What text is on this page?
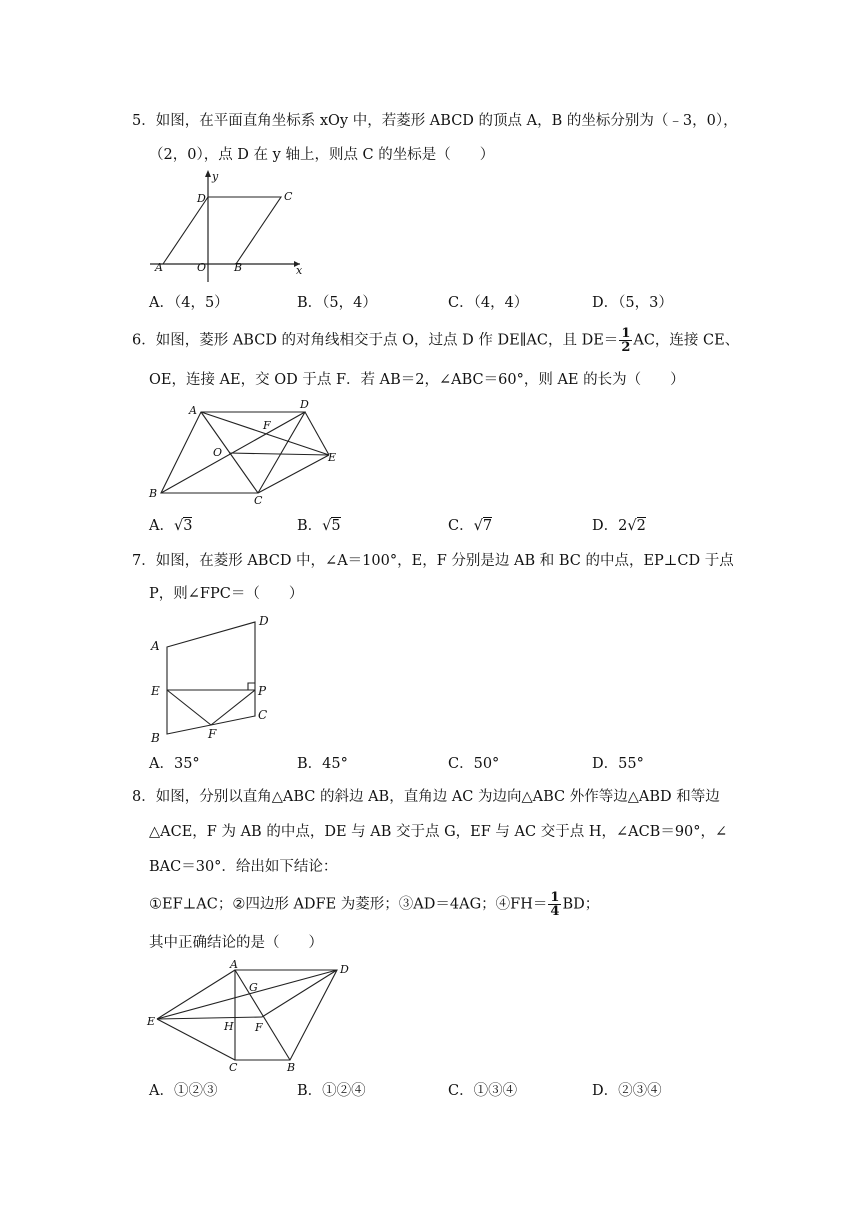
5．如图，在平面直角坐标系 xOy 中，若菱形 ABCD 的顶点 A，B 的坐标分别为（﹣3，0），
（2，0），点 D 在 y 轴上，则点 C 的坐标是（　　）
y
x
D	C
A	O	B
A．（4，5）	B．（5，4）	C．（4，4）	D．（5，3）
6．如图，菱形 ABCD 的对角线相交于点 O，过点 D 作 DE∥AC，且 $DE= \frac{1}{2}$ AC，连接 CE、
OE，连接 AE，交 OD 于点 F．若 AB＝2，∠ABC＝60°，则 AE 的长为（　　）
A	D
F
O	E
B
C
A．√3	B．√5	C．√7	D．2√2
7．如图，在菱形 ABCD 中，∠A＝100°，E，F 分别是边 AB 和 BC 的中点，EP⊥CD 于点
P，则∠FPC＝（　　）
D
A
E	P
C
F
B
A．35°	B．45°	C．50°	D．55°
8．如图，分别以直角△ABC 的斜边 AB，直角边 AC 为边向△ABC 外作等边△ABD 和等边
△ACE，F 为 AB 的中点，DE 与 AB 交于点 G，EF 与 AC 交于点 H，∠ACB＝90°，∠
BAC＝30°．给出如下结论：
①EF⊥AC；②四边形 ADFE 为菱形；③AD＝4AG；④FH＝ $\frac{1}{4}$ BD；
其中正确结论的是（　　）
A	D
G
E	H F
C	B
A．①②③	B．①②④	C．①③④	D．②③④
